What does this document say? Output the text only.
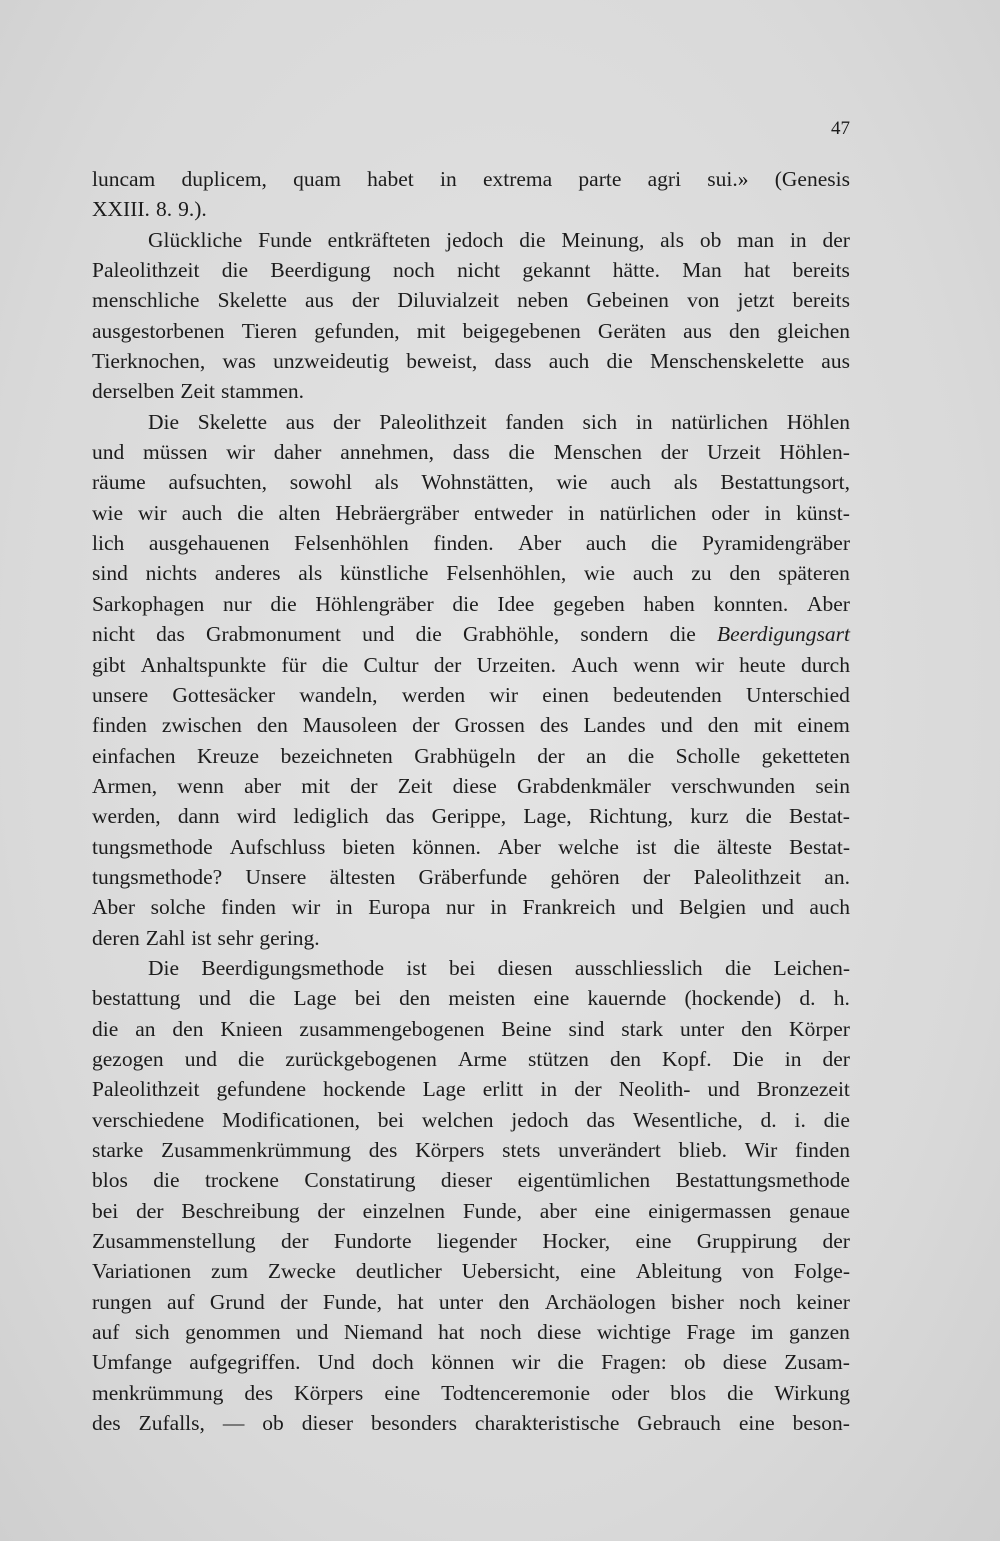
47
luncam duplicem, quam habet in extrema parte agri sui.» (Genesis
XXIII. 8. 9.).
Glückliche Funde entkräfteten jedoch die Meinung, als ob man in der
Paleolithzeit die Beerdigung noch nicht gekannt hätte. Man hat bereits
menschliche Skelette aus der Diluvialzeit neben Gebeinen von jetzt bereits
ausgestorbenen Tieren gefunden, mit beigegebenen Geräten aus den gleichen
Tierknochen, was unzweideutig beweist, dass auch die Menschenskelette aus
derselben Zeit stammen.
Die Skelette aus der Paleolithzeit fanden sich in natürlichen Höhlen
und müssen wir daher annehmen, dass die Menschen der Urzeit Höhlen-
räume aufsuchten, sowohl als Wohnstätten, wie auch als Bestattungsort,
wie wir auch die alten Hebräergräber entweder in natürlichen oder in künst-
lich ausgehauenen Felsenhöhlen finden. Aber auch die Pyramidengräber
sind nichts anderes als künstliche Felsenhöhlen, wie auch zu den späteren
Sarkophagen nur die Höhlengräber die Idee gegeben haben konnten. Aber
nicht das Grabmonument und die Grabhöhle, sondern die Beerdigungsart
gibt Anhaltspunkte für die Cultur der Urzeiten. Auch wenn wir heute durch
unsere Gottesäcker wandeln, werden wir einen bedeutenden Unterschied
finden zwischen den Mausoleen der Grossen des Landes und den mit einem
einfachen Kreuze bezeichneten Grabhügeln der an die Scholle geketteten
Armen, wenn aber mit der Zeit diese Grabdenkmäler verschwunden sein
werden, dann wird lediglich das Gerippe, Lage, Richtung, kurz die Bestat-
tungsmethode Aufschluss bieten können. Aber welche ist die älteste Bestat-
tungsmethode? Unsere ältesten Gräberfunde gehören der Paleolithzeit an.
Aber solche finden wir in Europa nur in Frankreich und Belgien und auch
deren Zahl ist sehr gering.
Die Beerdigungsmethode ist bei diesen ausschliesslich die Leichen-
bestattung und die Lage bei den meisten eine kauernde (hockende) d. h.
die an den Knieen zusammengebogenen Beine sind stark unter den Körper
gezogen und die zurückgebogenen Arme stützen den Kopf. Die in der
Paleolithzeit gefundene hockende Lage erlitt in der Neolith- und Bronzezeit
verschiedene Modificationen, bei welchen jedoch das Wesentliche, d. i. die
starke Zusammenkrümmung des Körpers stets unverändert blieb. Wir finden
blos die trockene Constatirung dieser eigentümlichen Bestattungsmethode
bei der Beschreibung der einzelnen Funde, aber eine einigermassen genaue
Zusammenstellung der Fundorte liegender Hocker, eine Gruppirung der
Variationen zum Zwecke deutlicher Uebersicht, eine Ableitung von Folge-
rungen auf Grund der Funde, hat unter den Archäologen bisher noch keiner
auf sich genommen und Niemand hat noch diese wichtige Frage im ganzen
Umfange aufgegriffen. Und doch können wir die Fragen: ob diese Zusam-
menkrümmung des Körpers eine Todtenceremonie oder blos die Wirkung
des Zufalls, — ob dieser besonders charakteristische Gebrauch eine beson-
